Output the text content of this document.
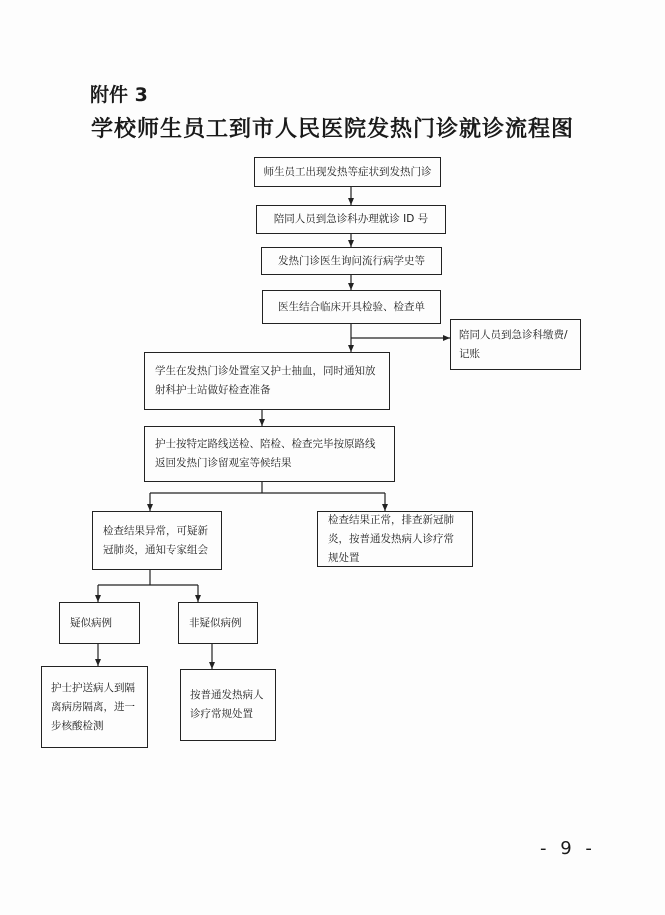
附件 3
学校师生员工到市人民医院发热门诊就诊流程图
师生员工出现发热等症状到发热门诊
陪同人员到急诊科办理就诊 ID 号
发热门诊医生询问流行病学史等
医生结合临床开具检验、检查单
陪同人员到急诊科缴费/记账
学生在发热门诊处置室又护士抽血，同时通知放射科护士站做好检查准备
护士按特定路线送检、陪检、检查完毕按原路线返回发热门诊留观室等候结果
检查结果异常，可疑新冠肺炎，通知专家组会
检查结果正常，排查新冠肺炎，按普通发热病人诊疗常规处置
疑似病例	非疑似病例
护士护送病人到隔离病房隔离，进一步核酸检测
按普通发热病人诊疗常规处置
- 9 -
